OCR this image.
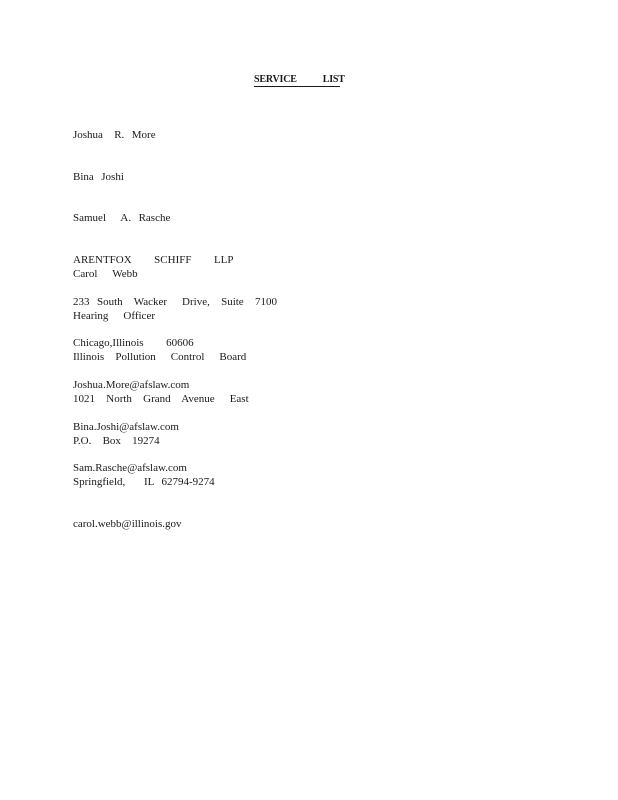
SERVICE	LIST

Joshua   R.  More

Bina  Joshi

Samuel    A.  Rasche

ARENTFOX      SCHIFF      LLP

233  South   Wacker    Drive,   Suite   7100

Chicago,Illinois      60606

Joshua.More@afslaw.com

Bina.Joshi@afslaw.com

Sam.Rasche@afslaw.com

Carol    Webb

Hearing    Officer

Illinois   Pollution    Control    Board

1021   North   Grand   Avenue    East

P.O.   Box   19274

Springfield,     IL  62794-9274

carol.webb@illinois.gov
